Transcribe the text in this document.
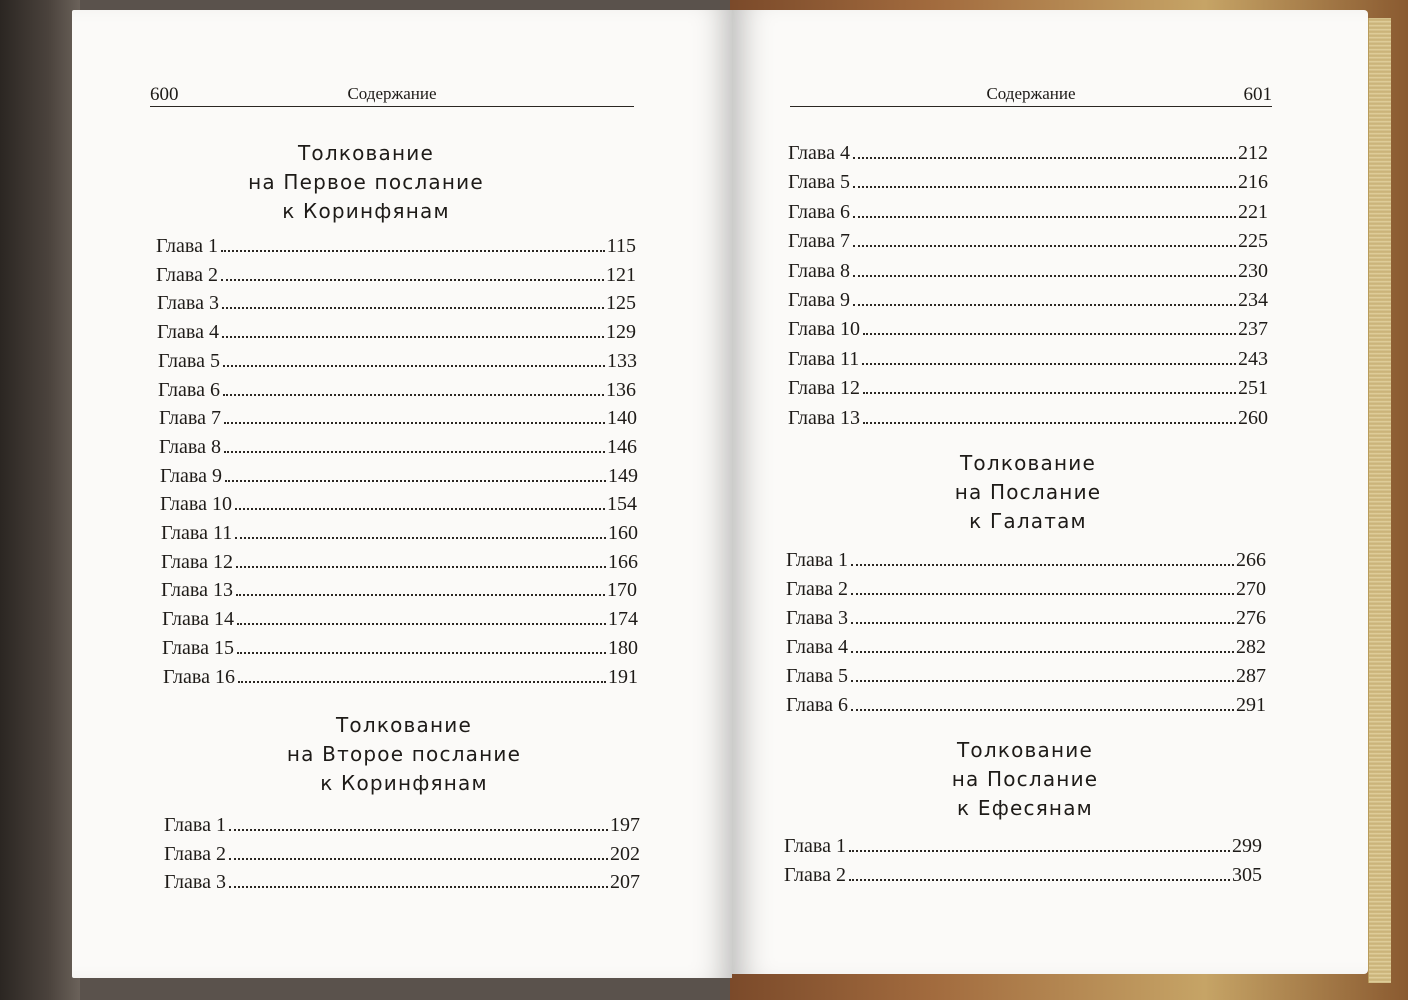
600	Содержание	Содержание	601
Толкование
на Первое послание
к Коринфянам
Глава 1	115
Глава 2	121
Глава 3	125
Глава 4	129
Глава 5	133
Глава 6	136
Глава 7	140
Глава 8	146
Глава 9	149
Глава 10	154
Глава 11	160
Глава 12	166
Глава 13	170
Глава 14	174
Глава 15	180
Глава 16	191
Толкование
на Второе послание
к Коринфянам
Глава 1	197
Глава 2	202
Глава 3	207
Глава 4	212
Глава 5	216
Глава 6	221
Глава 7	225
Глава 8	230
Глава 9	234
Глава 10	237
Глава 11	243
Глава 12	251
Глава 13	260
Толкование
на Послание
к Галатам
Глава 1	266
Глава 2	270
Глава 3	276
Глава 4	282
Глава 5	287
Глава 6	291
Толкование
на Послание
к Ефесянам
Глава 1	299
Глава 2	305
